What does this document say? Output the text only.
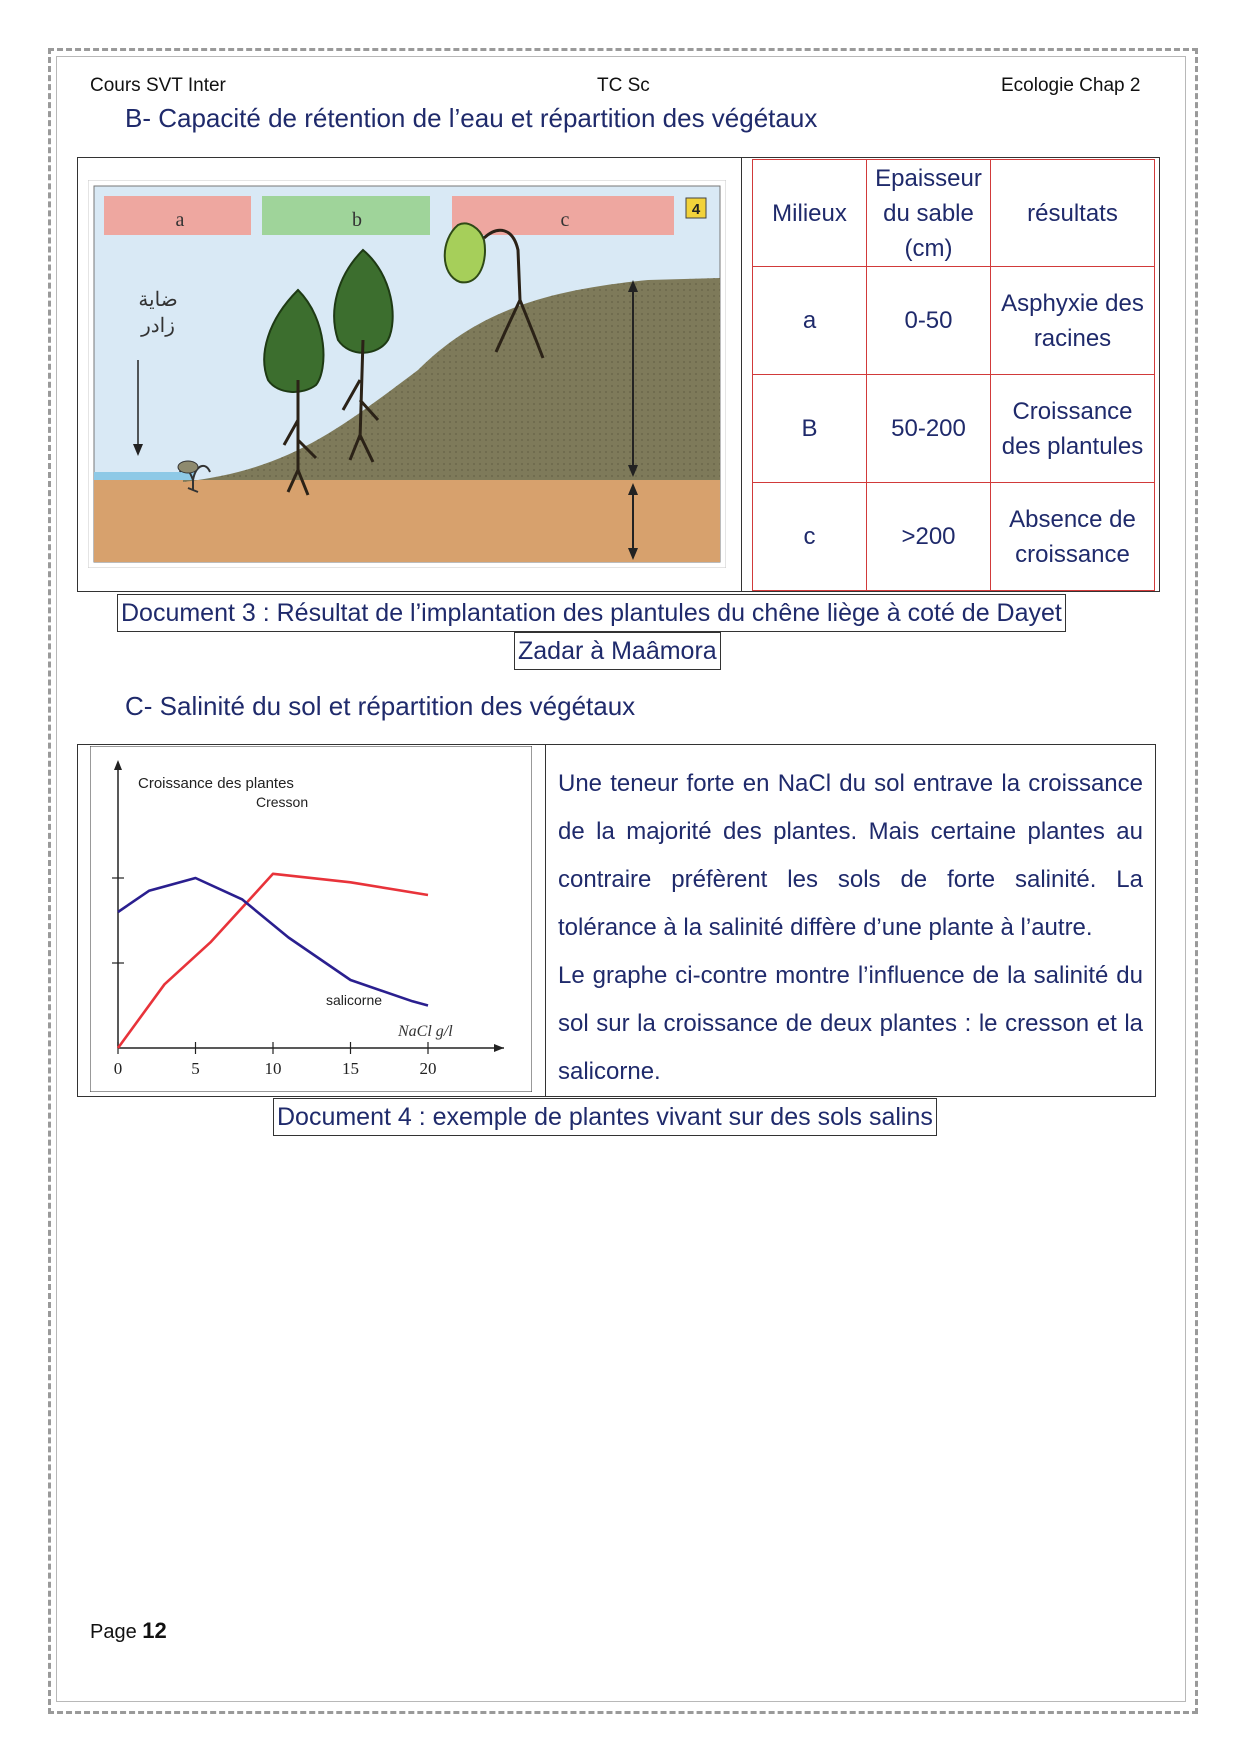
Cours SVT Inter	TC Sc	Ecologie Chap 2
B- Capacité de rétention de l’eau et répartition des végétaux
a	b	c	4
ضاية
زادر
Milieux	Epaisseur du sable (cm)	résultats
a	0-50	Asphyxie des racines
B	50-200	Croissance des plantules
c	>200	Absence de croissance
Document 3 : Résultat de l’implantation des plantules du chêne liège à coté de Dayet
Zadar à Maâmora
C- Salinité du sol et répartition des végétaux
0	5	10	15	20
Croissance des plantes
NaCl g/l
Cresson
salicorne

Une teneur forte en NaCl du sol entrave la croissance de la majorité des plantes. Mais certaine plantes au contraire préfèrent les sols de forte salinité. La tolérance à la salinité diffère d’une plante à l’autre.

Le graphe ci-contre montre l’influence de la salinité du sol sur la croissance de deux plantes : le cresson et la salicorne.

Document 4 : exemple de plantes vivant sur des sols salins
Page 12
